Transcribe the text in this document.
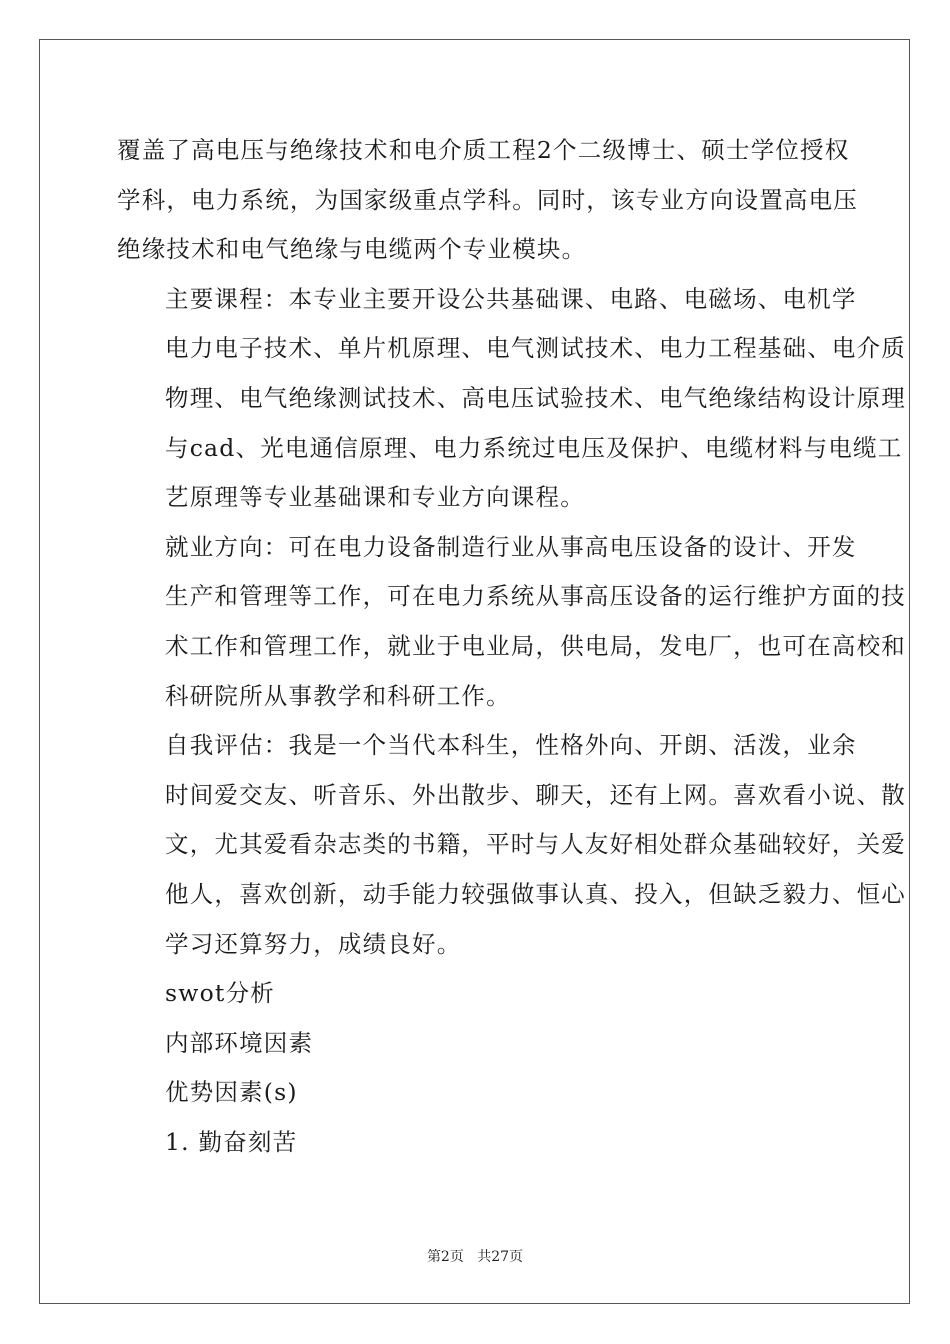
覆盖了高电压与绝缘技术和电介质工程2个二级博士、硕士学位授权
学科，电力系统，为国家级重点学科。同时，该专业方向设置高电压
绝缘技术和电气绝缘与电缆两个专业模块。

主要课程：本专业主要开设公共基础课、电路、电磁场、电机学
电力电子技术、单片机原理、电气测试技术、电力工程基础、电介质
物理、电气绝缘测试技术、高电压试验技术、电气绝缘结构设计原理
与cad、光电通信原理、电力系统过电压及保护、电缆材料与电缆工
艺原理等专业基础课和专业方向课程。

就业方向：可在电力设备制造行业从事高电压设备的设计、开发
生产和管理等工作，可在电力系统从事高压设备的运行维护方面的技
术工作和管理工作，就业于电业局，供电局，发电厂，也可在高校和
科研院所从事教学和科研工作。

自我评估：我是一个当代本科生，性格外向、开朗、活泼，业余
时间爱交友、听音乐、外出散步、聊天，还有上网。喜欢看小说、散
文，尤其爱看杂志类的书籍，平时与人友好相处群众基础较好，关爱
他人，喜欢创新，动手能力较强做事认真、投入，但缺乏毅力、恒心
学习还算努力，成绩良好。

swot分析

内部环境因素

优势因素(s)

1. 勤奋刻苦

第2页 共27页
